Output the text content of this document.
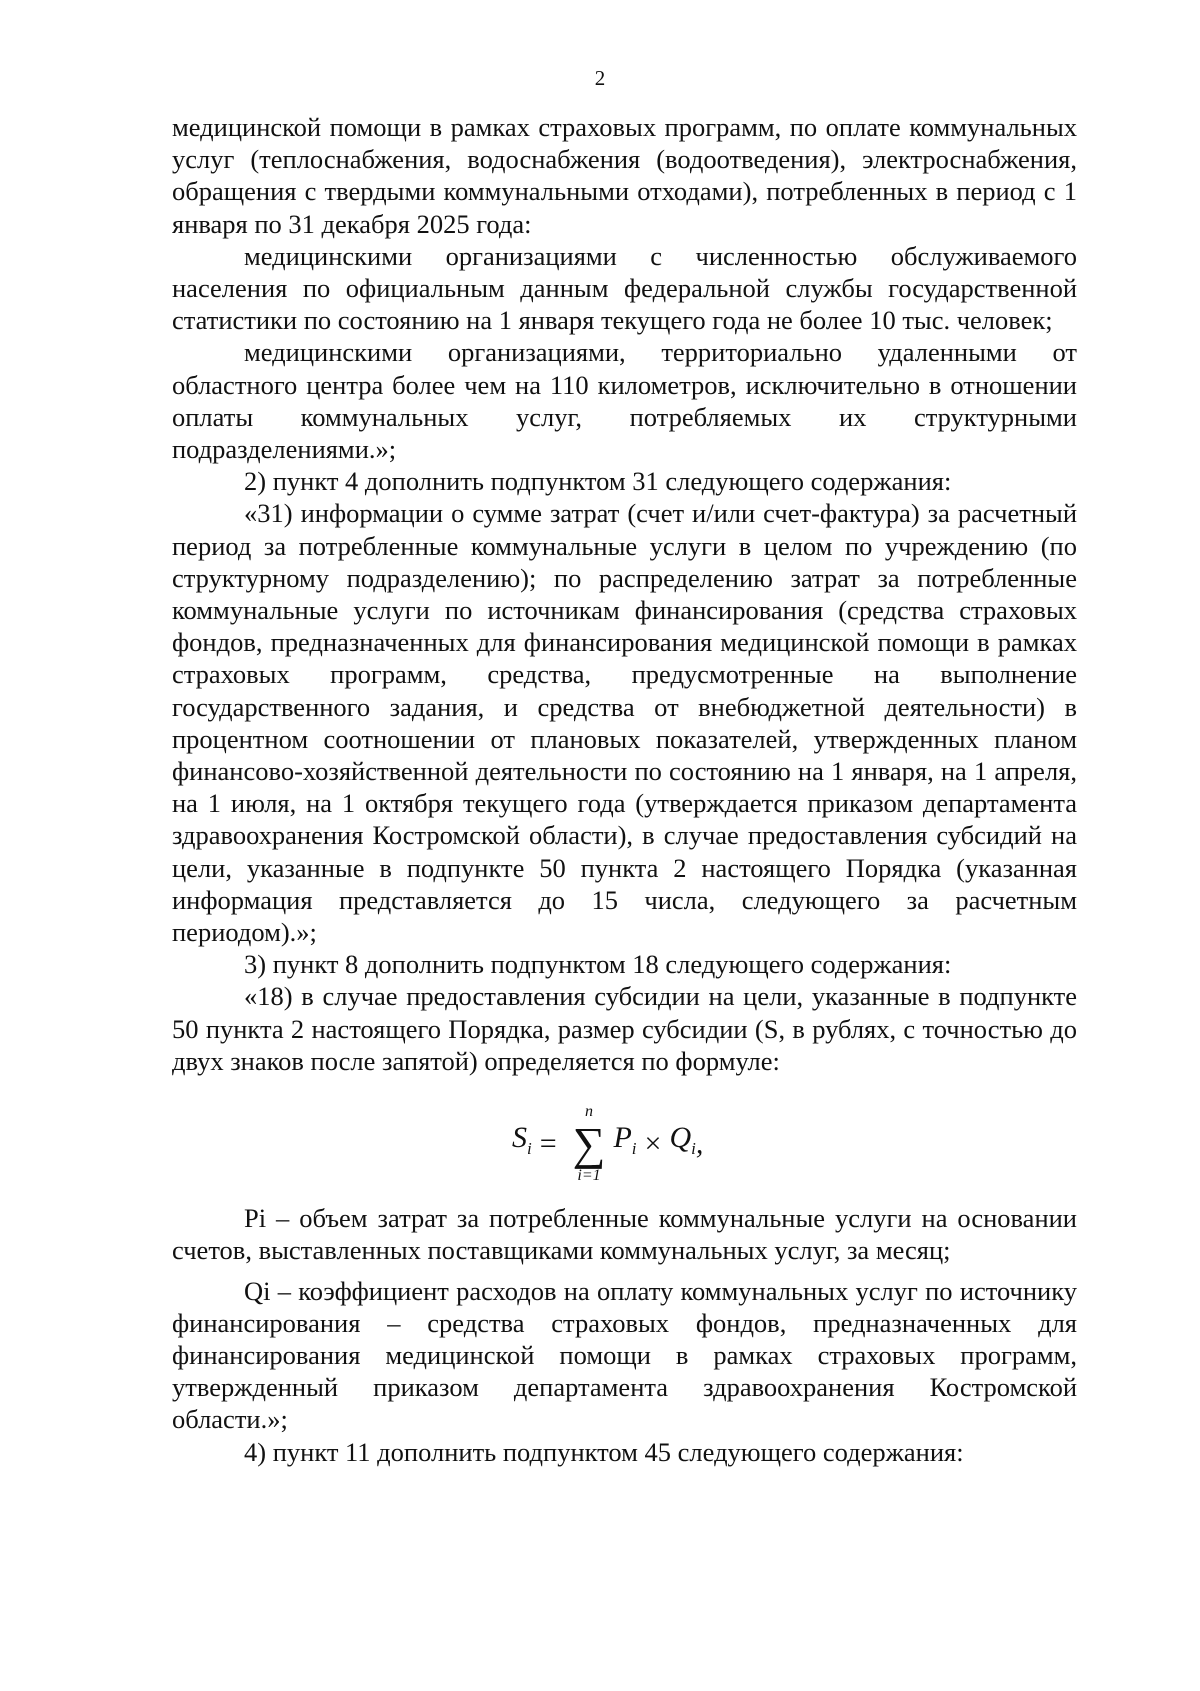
2

медицинской помощи в рамках страховых программ, по оплате коммунальных услуг (теплоснабжения, водоснабжения (водоотведения), электроснабжения, обращения с твердыми коммунальными отходами), потребленных в период с 1 января по 31 декабря 2025 года:

медицинскими организациями с численностью обслуживаемого населения по официальным данным федеральной службы государственной статистики по состоянию на 1 января текущего года не более 10 тыс. человек;

медицинскими организациями, территориально удаленными от областного центра более чем на 110 километров, исключительно в отношении оплаты коммунальных услуг, потребляемых их структурными подразделениями.»;

2) пункт 4 дополнить подпунктом 31 следующего содержания:

«31) информации о сумме затрат (счет и/или счет-фактура) за расчетный период за потребленные коммунальные услуги в целом по учреждению (по структурному подразделению); по распределению затрат за потребленные коммунальные услуги по источникам финансирования (средства страховых фондов, предназначенных для финансирования медицинской помощи в рамках страховых программ, средства, предусмотренные на выполнение государственного задания, и средства от внебюджетной деятельности) в процентном соотношении от плановых показателей, утвержденных планом финансово-хозяйственной деятельности по состоянию на 1 января, на 1 апреля, на 1 июля, на 1 октября текущего года (утверждается приказом департамента здравоохранения Костромской области), в случае предоставления субсидий на цели, указанные в подпункте 50 пункта 2 настоящего Порядка (указанная информация представляется до 15 числа, следующего за расчетным периодом).»;

3) пункт 8 дополнить подпунктом 18 следующего содержания:

«18) в случае предоставления субсидии на цели, указанные в подпункте 50 пункта 2 настоящего Порядка, размер субсидии (S, в рублях, с точностью до двух знаков после запятой) определяется по формуле:

$S_i$ =
n
∑
i=1
$P_i \times Q_i$ ,

Pi – объем затрат за потребленные коммунальные услуги на основании счетов, выставленных поставщиками коммунальных услуг, за месяц;

Qi – коэффициент расходов на оплату коммунальных услуг по источнику финансирования – средства страховых фондов, предназначенных для финансирования медицинской помощи в рамках страховых программ, утвержденный приказом департамента здравоохранения Костромской области.»;

4) пункт 11 дополнить подпунктом 45 следующего содержания:
